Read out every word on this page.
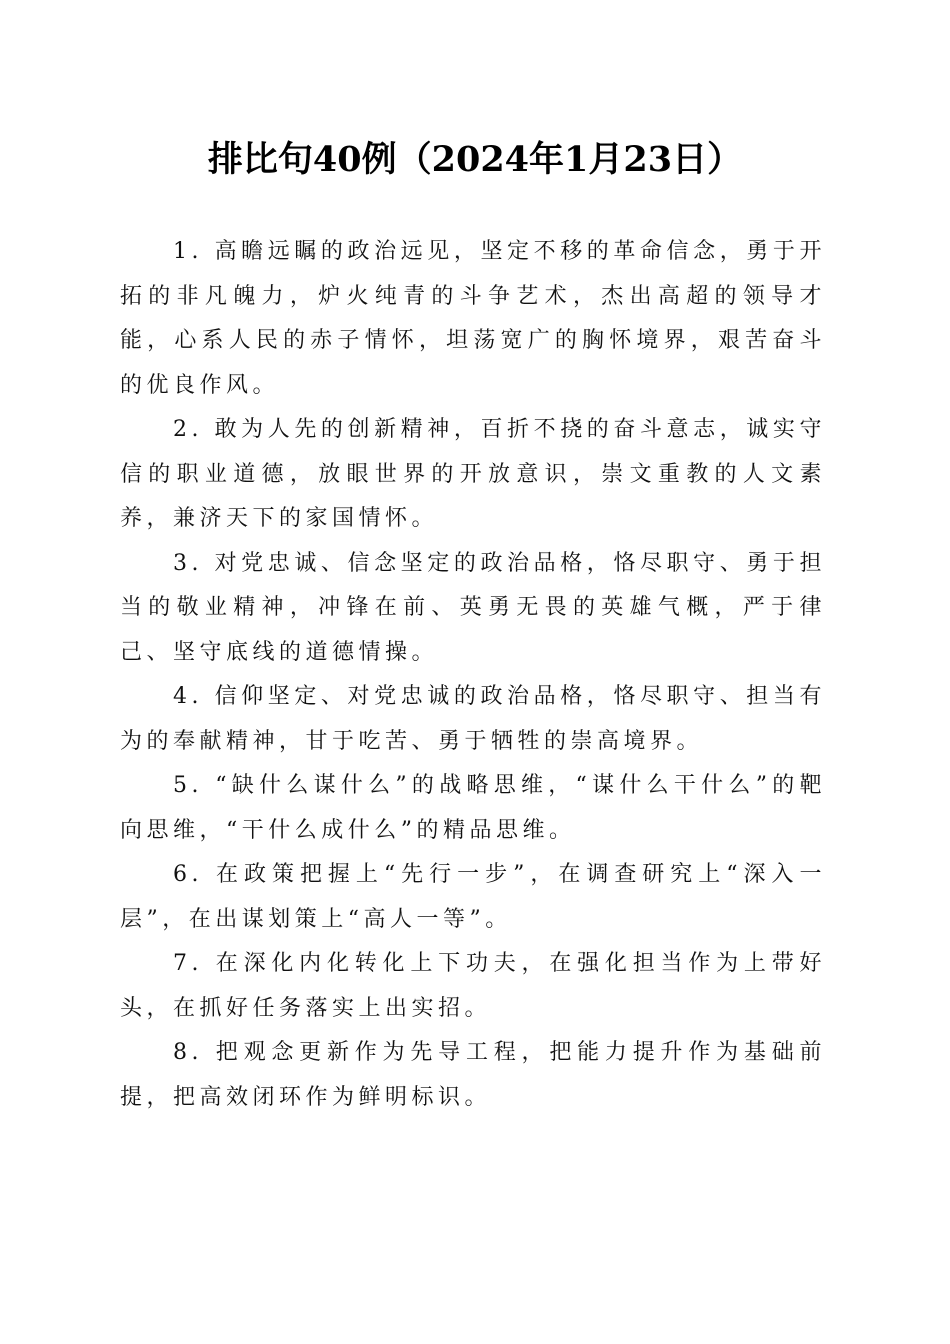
排比句40例（2024年1月23日）

1. 高瞻远瞩的政治远见，坚定不移的革命信念，勇于开拓的非凡魄力，炉火纯青的斗争艺术，杰出高超的领导才能，心系人民的赤子情怀，坦荡宽广的胸怀境界，艰苦奋斗的优良作风。

2. 敢为人先的创新精神，百折不挠的奋斗意志，诚实守信的职业道德，放眼世界的开放意识，崇文重教的人文素养，兼济天下的家国情怀。

3. 对党忠诚、信念坚定的政治品格，恪尽职守、勇于担当的敬业精神，冲锋在前、英勇无畏的英雄气概，严于律己、坚守底线的道德情操。

4. 信仰坚定、对党忠诚的政治品格，恪尽职守、担当有为的奉献精神，甘于吃苦、勇于牺牲的崇高境界。

5. “缺什么谋什么”的战略思维，“谋什么干什么”的靶向思维，“干什么成什么”的精品思维。

6. 在政策把握上“先行一步”，在调查研究上“深入一层”，在出谋划策上“高人一等”。

7. 在深化内化转化上下功夫，在强化担当作为上带好头，在抓好任务落实上出实招。

8. 把观念更新作为先导工程，把能力提升作为基础前提，把高效闭环作为鲜明标识。
